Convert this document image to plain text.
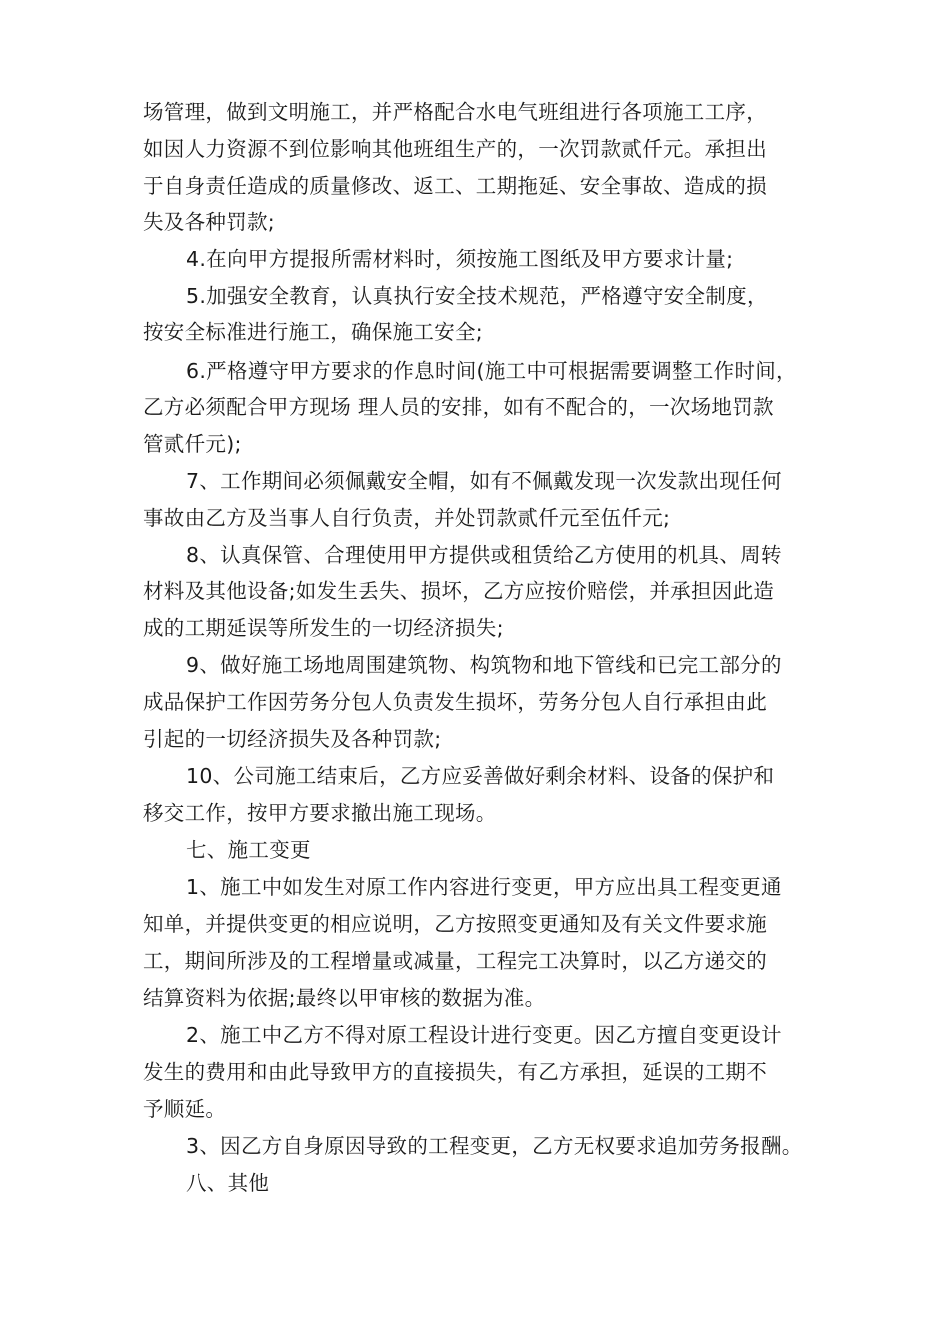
场管理，做到文明施工，并严格配合水电气班组进行各项施工工序，
如因人力资源不到位影响其他班组生产的，一次罚款贰仟元。承担出
于自身责任造成的质量修改、返工、工期拖延、安全事故、造成的损
失及各种罚款;
4.在向甲方提报所需材料时，须按施工图纸及甲方要求计量;
5.加强安全教育，认真执行安全技术规范，严格遵守安全制度，
按安全标准进行施工，确保施工安全;
6.严格遵守甲方要求的作息时间(施工中可根据需要调整工作时间，
乙方必须配合甲方现场 理人员的安排，如有不配合的，一次场地罚款
管贰仟元);
7、工作期间必须佩戴安全帽，如有不佩戴发现一次发款出现任何
事故由乙方及当事人自行负责，并处罚款贰仟元至伍仟元;
8、认真保管、合理使用甲方提供或租赁给乙方使用的机具、周转
材料及其他设备;如发生丢失、损坏，乙方应按价赔偿，并承担因此造
成的工期延误等所发生的一切经济损失;
9、做好施工场地周围建筑物、构筑物和地下管线和已完工部分的
成品保护工作因劳务分包人负责发生损坏，劳务分包人自行承担由此
引起的一切经济损失及各种罚款;
10、公司施工结束后，乙方应妥善做好剩余材料、设备的保护和
移交工作，按甲方要求撤出施工现场。
七、施工变更
1、施工中如发生对原工作内容进行变更，甲方应出具工程变更通
知单，并提供变更的相应说明，乙方按照变更通知及有关文件要求施
工，期间所涉及的工程增量或减量，工程完工决算时，以乙方递交的
结算资料为依据;最终以甲审核的数据为准。
2、施工中乙方不得对原工程设计进行变更。因乙方擅自变更设计
发生的费用和由此导致甲方的直接损失，有乙方承担，延误的工期不
予顺延。
3、因乙方自身原因导致的工程变更，乙方无权要求追加劳务报酬。
八、其他
